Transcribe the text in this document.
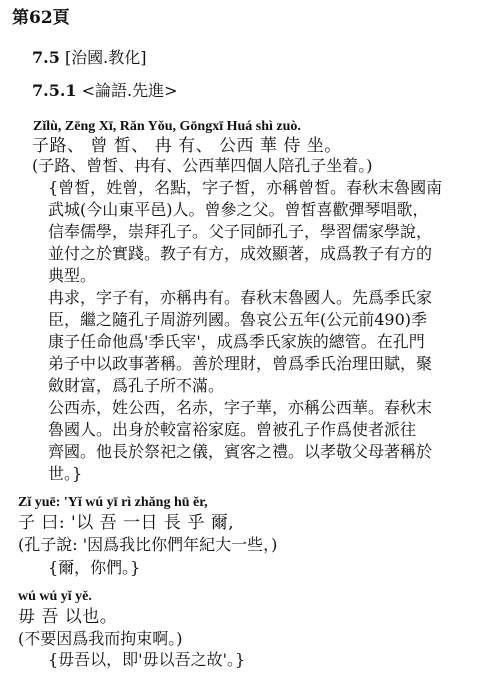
第62頁
7.5 [治國.教化]
7.5.1 <論語.先進>
Zǐlù, Zēng Xī, Rǎn Yǒu, Gōngxī Huá shì zuò.
子路、 曾 皙、 冉 有、 公西 華 侍 坐。
(子路、曾皙、冉有、公西華四個人陪孔子坐着。)
{曾皙，姓曾，名點，字子皙，亦稱曾皙。春秋末魯國南
武城(今山東平邑)人。曾參之父。曾皙喜歡彈琴唱歌，
信奉儒學，崇拜孔子。父子同師孔子，學習儒家學說，
並付之於實踐。教子有方，成效顯著，成爲教子有方的
典型。
冉求，字子有，亦稱冉有。春秋末魯國人。先爲季氏家
臣，繼之隨孔子周游列國。魯哀公五年(公元前490)季
康子任命他爲'季氏宰'，成爲季氏家族的總管。在孔門
弟子中以政事著稱。善於理財，曾爲季氏治理田賦，聚
斂財富，爲孔子所不滿。
公西赤，姓公西，名赤，字子華，亦稱公西華。春秋末
魯國人。出身於較富裕家庭。曾被孔子作爲使者派往
齊國。他長於祭祀之儀，賓客之禮。以孝敬父母著稱於
世。}
Zǐ yuē: 'Yǐ wú yī rì zhǎng hū ěr,
子 曰: '以 吾 一日 長 乎 爾,
(孔子說: '因爲我比你們年紀大一些，)
{爾，你們。}
wú wú yǐ yě.
毋 吾 以也。
(不要因爲我而拘束啊。)
{毋吾以，即'毋以吾之故'。}
